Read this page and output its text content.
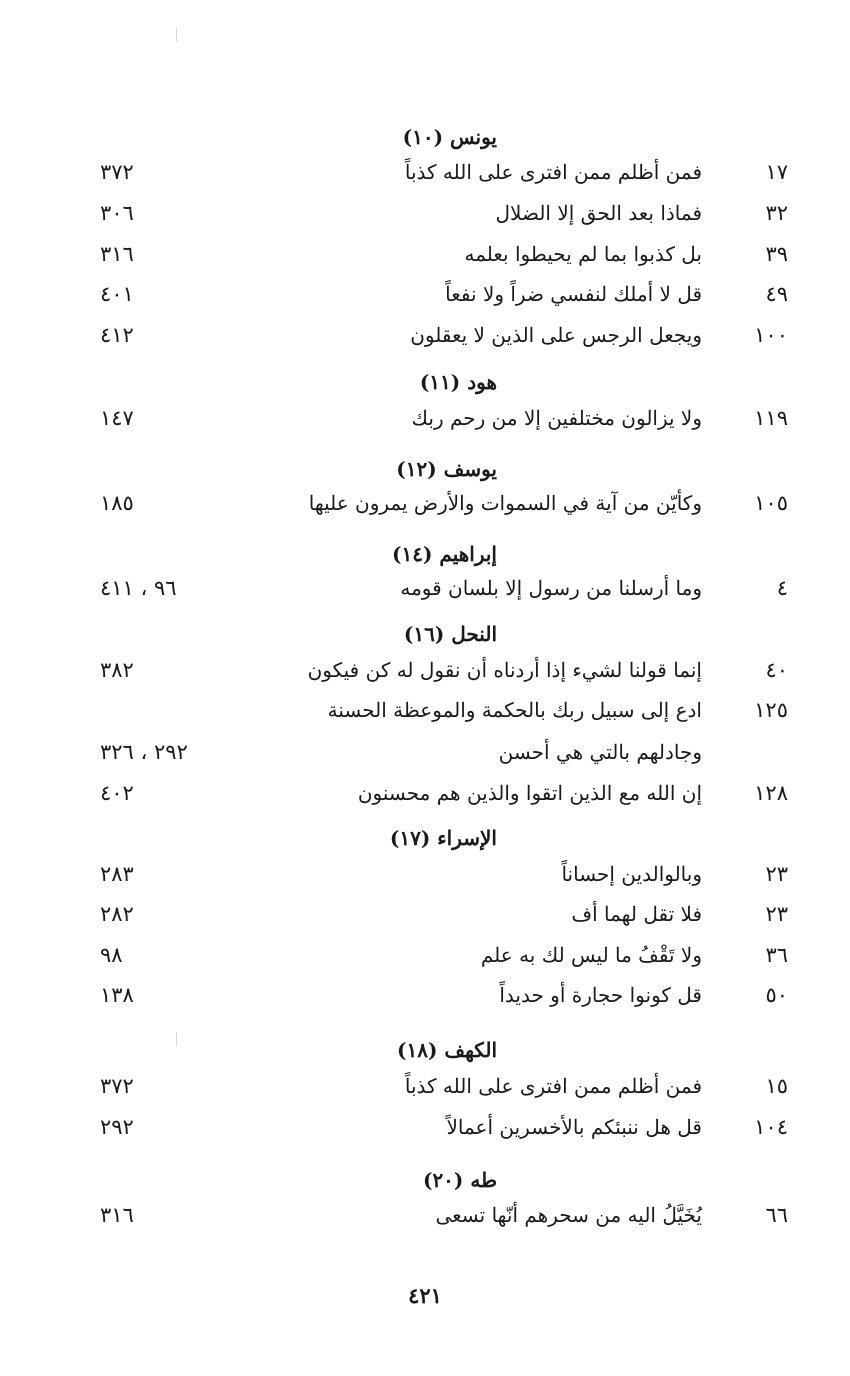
يونس (١٠)
١٧
فمن أظلم ممن افترى على الله كذباً
٣٧٢
٣٢
فماذا بعد الحق إلا الضلال
٣٠٦
٣٩
بل كذبوا بما لم يحيطوا بعلمه
٣١٦
٤٩
قل لا أملك لنفسي ضراً ولا نفعاً
٤٠١
١٠٠
ويجعل الرجس على الذين لا يعقلون
٤١٢
هود (١١)
١١٩
ولا يزالون مختلفين إلا من رحم ربك
١٤٧
يوسف (١٢)
١٠٥
وكأيّن من آية في السموات والأرض يمرون عليها
١٨٥
إبراهيم (١٤)
٤
وما أرسلنا من رسول إلا بلسان قومه
٩٦ ، ٤١١
النحل (١٦)
٤٠
إنما قولنا لشيء إذا أردناه أن نقول له كن فيكون
٣٨٢
١٢٥
ادع إلى سبيل ربك بالحكمة والموعظة الحسنة
وجادلهم بالتي هي أحسن
٢٩٢ ، ٣٢٦
١٢٨
إن الله مع الذين اتقوا والذين هم محسنون
٤٠٢
الإسراء (١٧)
٢٣
وبالوالدين إحساناً
٢٨٣
٢٣
فلا تقل لهما أف
٢٨٢
٣٦
ولا تَقْفُ ما ليس لك به علم
٩٨
٥٠
قل كونوا حجارة أو حديداً
١٣٨
الكهف (١٨)
١٥
فمن أظلم ممن افترى على الله كذباً
٣٧٢
١٠٤
قل هل ننبئكم بالأخسرين أعمالاً
٢٩٢
طه (٢٠)
٦٦
يُخَيَّلُ اليه من سحرهم أنّها تسعى
٣١٦
٤٢١
